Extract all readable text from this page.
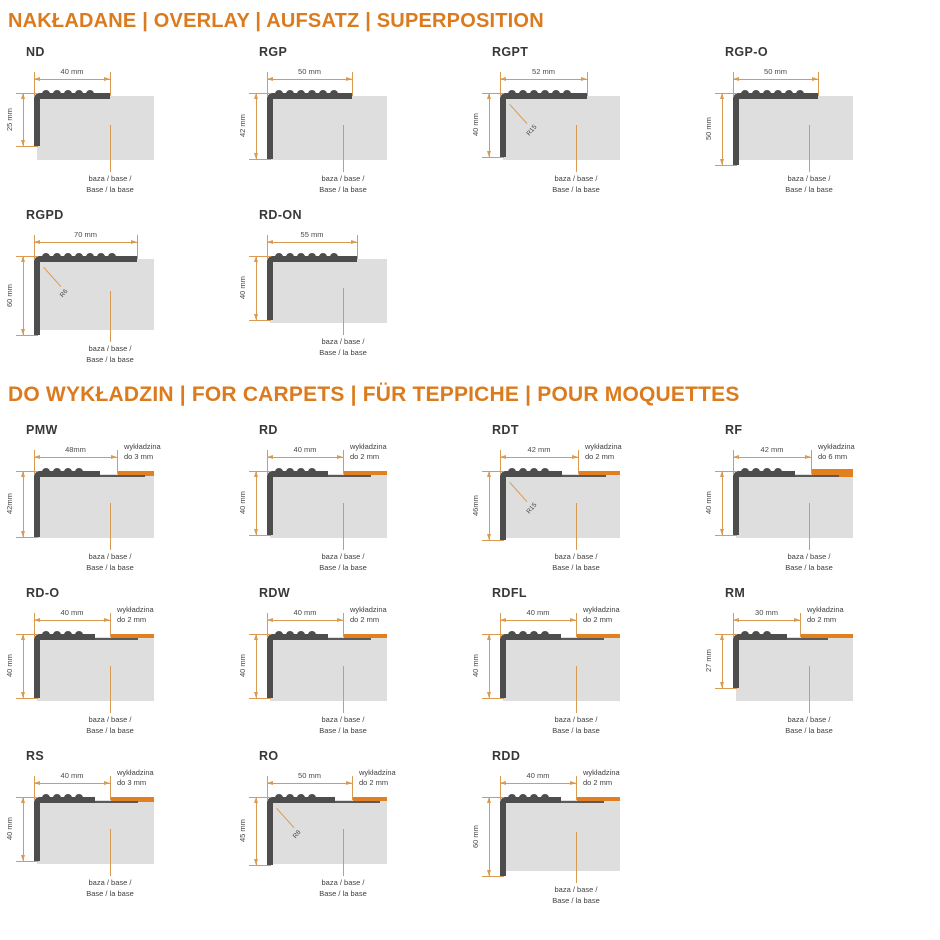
NAKŁADANE | OVERLAY | AUFSATZ | SUPERPOSITION
ND
40 mm
25 mm
baza / base /
Base / la base
RGP
50 mm
42 mm
baza / base /
Base / la base
RGPT
52 mm
40 mm	R15
baza / base /
Base / la base
RGP-O
50 mm
50 mm
baza / base /
Base / la base
RGPD
70 mm
60 mm	R6
baza / base /
Base / la base
RD-ON
55 mm
40 mm
baza / base /
Base / la base
DO WYKŁADZIN | FOR CARPETS | FÜR TEPPICHE | POUR MOQUETTES
PMW
48mm
42mm
wykładzina
do 3 mm
baza / base /
Base / la base
RD
40 mm
40 mm
wykładzina
do 2 mm
baza / base /
Base / la base
RDT
42 mm
46mm	R15
wykładzina
do 2 mm
baza / base /
Base / la base
RF
42 mm
40 mm
wykładzina
do 6 mm
baza / base /
Base / la base
RD-O
40 mm
40 mm
wykładzina
do 2 mm
baza / base /
Base / la base
RDW
40 mm
40 mm
wykładzina
do 2 mm
baza / base /
Base / la base
RDFL
40 mm
40 mm
wykładzina
do 2 mm
baza / base /
Base / la base
RM
30 mm
27 mm
wykładzina
do 2 mm
baza / base /
Base / la base
RS
40 mm
40 mm
wykładzina
do 3 mm
baza / base /
Base / la base
RO
50 mm
45 mm	R8
wykładzina
do 2 mm
baza / base /
Base / la base
RDD
40 mm
60 mm
wykładzina
do 2 mm
baza / base /
Base / la base
